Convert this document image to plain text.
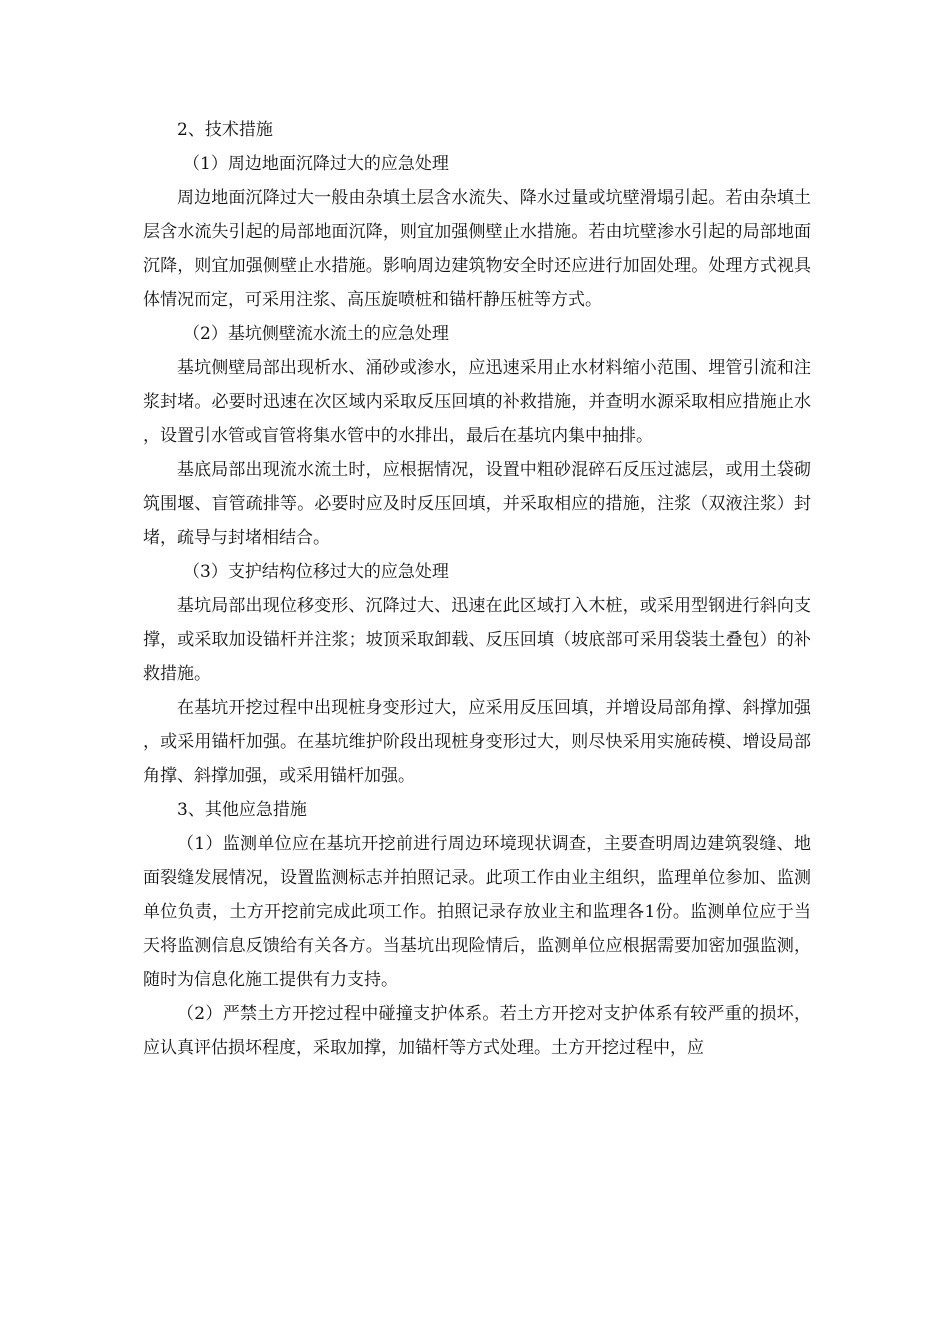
2、技术措施

（1）周边地面沉降过大的应急处理

周边地面沉降过大一般由杂填土层含水流失、降水过量或坑壁滑塌引起。若由杂填土层含水流失引起的局部地面沉降，则宜加强侧壁止水措施。若由坑壁渗水引起的局部地面沉降，则宜加强侧壁止水措施。影响周边建筑物安全时还应进行加固处理。处理方式视具体情况而定，可采用注浆、高压旋喷桩和锚杆静压桩等方式。

（2）基坑侧壁流水流土的应急处理

基坑侧壁局部出现析水、涌砂或渗水，应迅速采用止水材料缩小范围、埋管引流和注浆封堵。必要时迅速在次区域内采取反压回填的补救措施，并查明水源采取相应措施止水，设置引水管或盲管将集水管中的水排出，最后在基坑内集中抽排。

基底局部出现流水流土时，应根据情况，设置中粗砂混碎石反压过滤层，或用土袋砌筑围堰、盲管疏排等。必要时应及时反压回填，并采取相应的措施，注浆（双液注浆）封堵，疏导与封堵相结合。

（3）支护结构位移过大的应急处理

基坑局部出现位移变形、沉降过大、迅速在此区域打入木桩，或采用型钢进行斜向支撑，或采取加设锚杆并注浆；坡顶采取卸载、反压回填（坡底部可采用袋装土叠包）的补救措施。

在基坑开挖过程中出现桩身变形过大，应采用反压回填，并增设局部角撑、斜撑加强，或采用锚杆加强。在基坑维护阶段出现桩身变形过大，则尽快采用实施砖模、增设局部角撑、斜撑加强，或采用锚杆加强。

3、其他应急措施

（1）监测单位应在基坑开挖前进行周边环境现状调查，主要查明周边建筑裂缝、地面裂缝发展情况，设置监测标志并拍照记录。此项工作由业主组织，监理单位参加、监测单位负责，土方开挖前完成此项工作。拍照记录存放业主和监理各1份。监测单位应于当天将监测信息反馈给有关各方。当基坑出现险情后，监测单位应根据需要加密加强监测，随时为信息化施工提供有力支持。

（2）严禁土方开挖过程中碰撞支护体系。若土方开挖对支护体系有较严重的损坏，应认真评估损坏程度，采取加撑，加锚杆等方式处理。土方开挖过程中，应
